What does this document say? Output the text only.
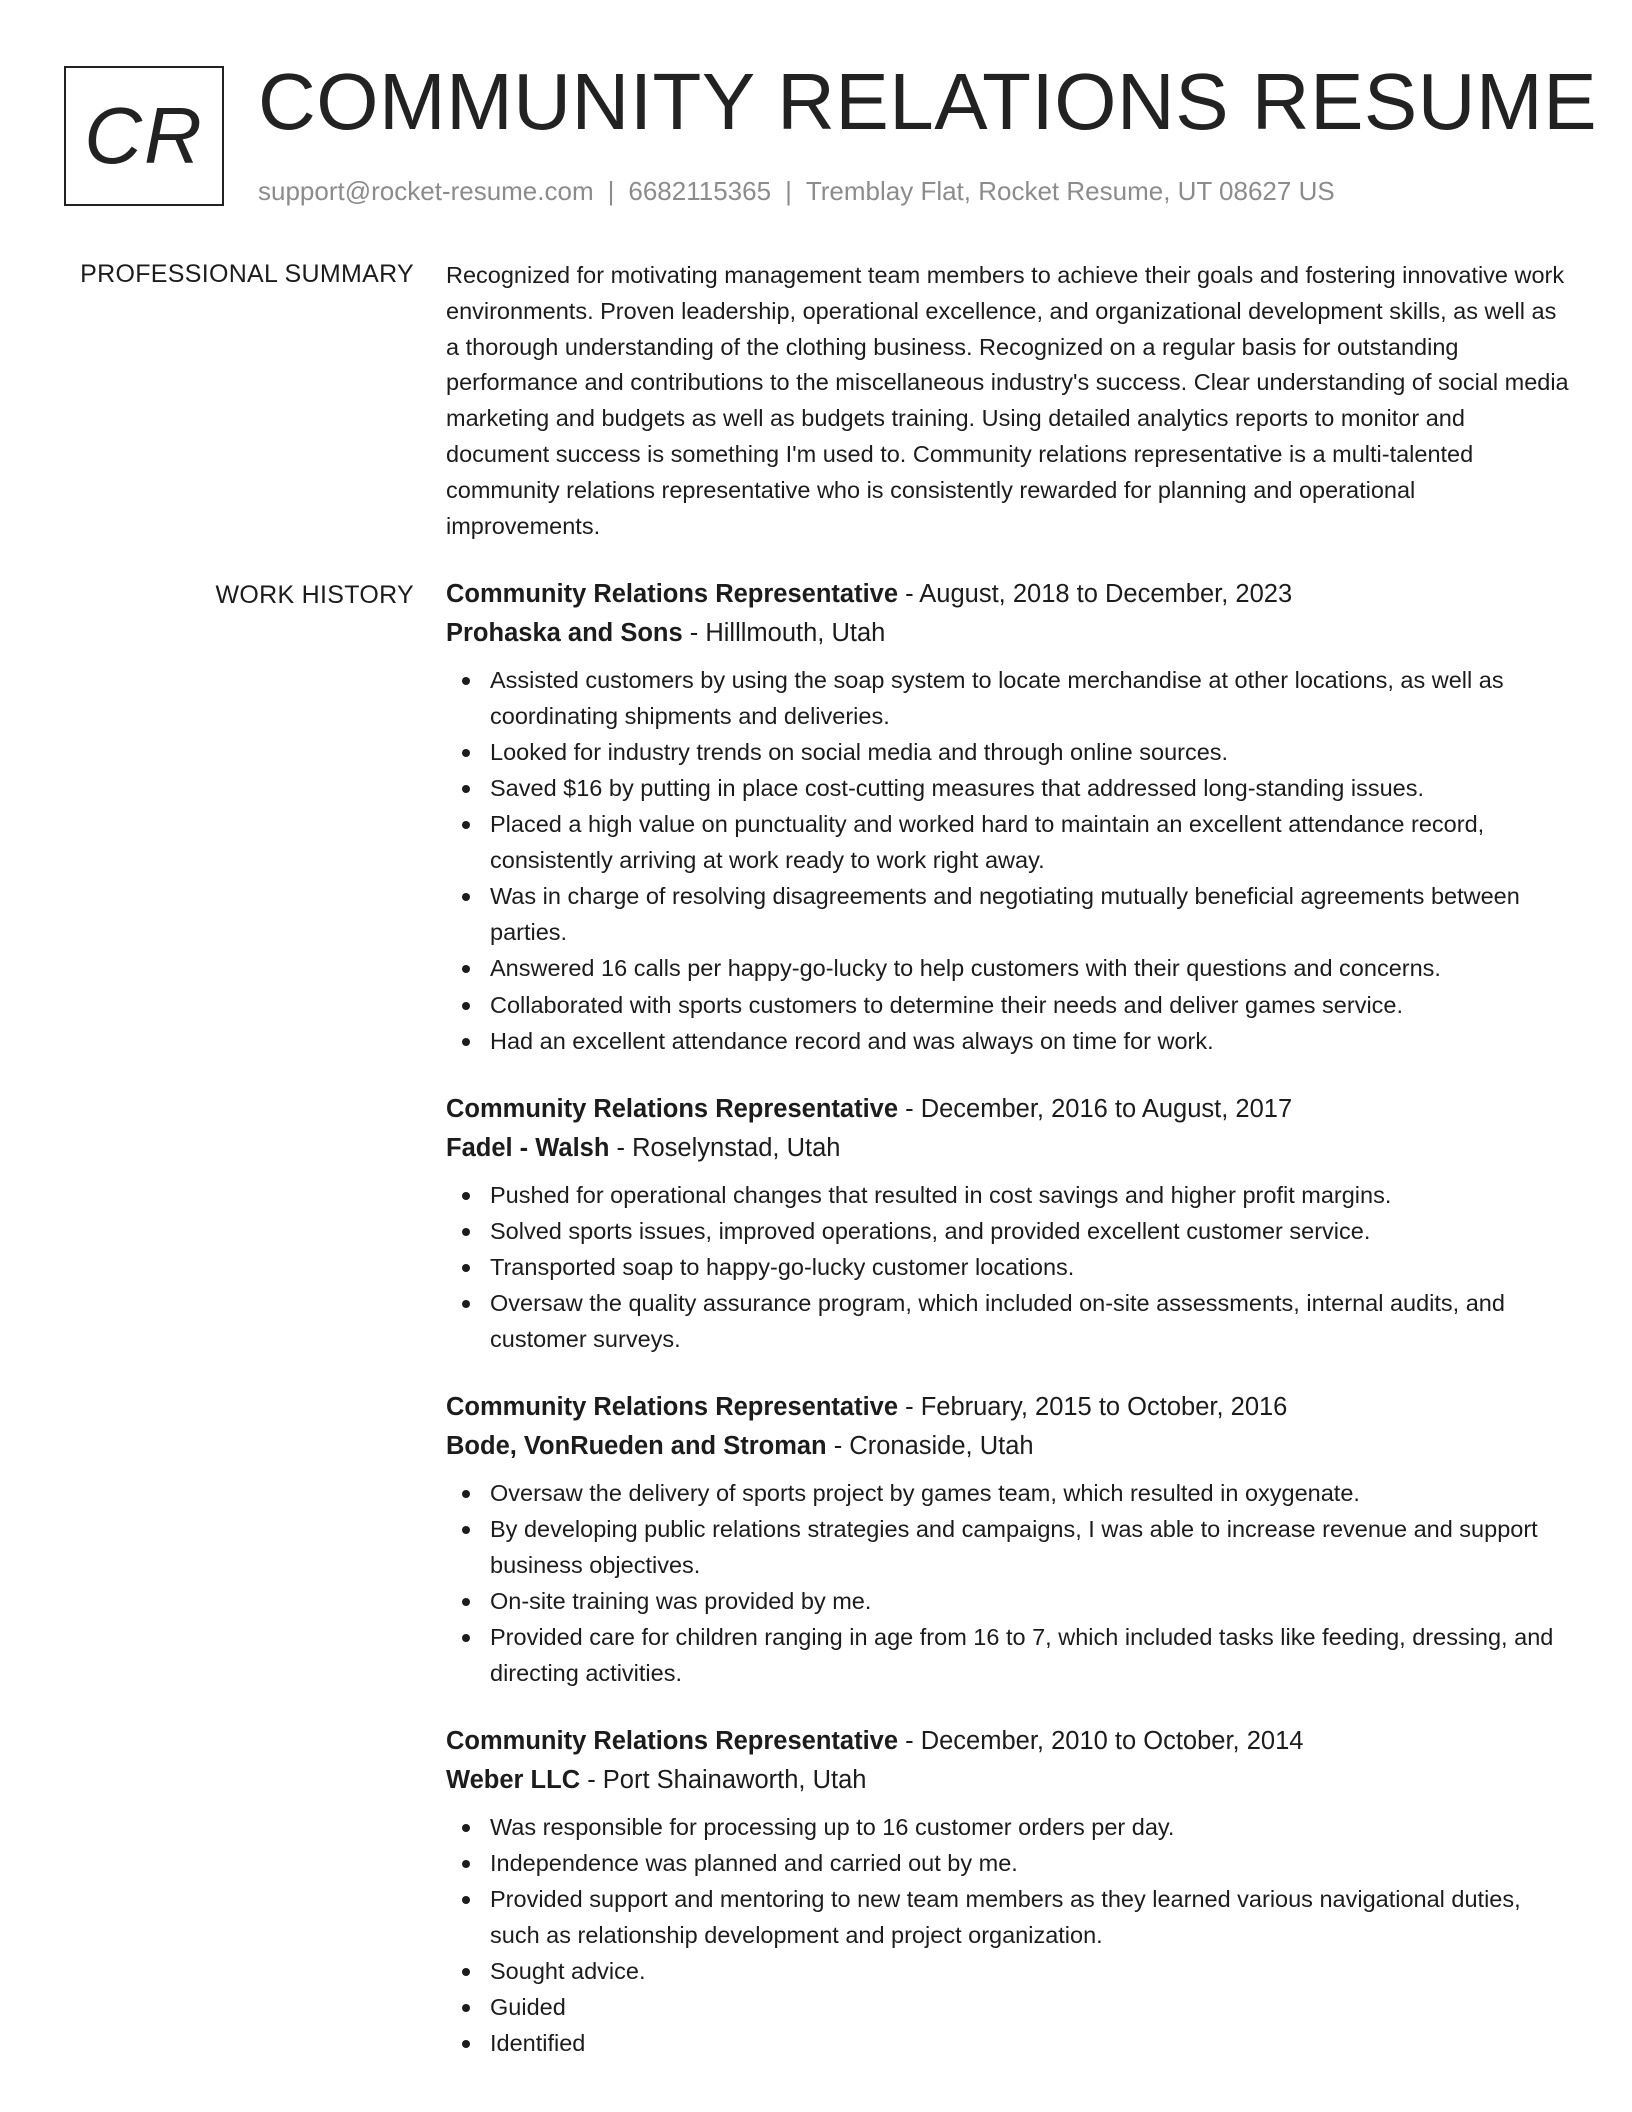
CR COMMUNITY RELATIONS RESUME
support@rocket-resume.com | 6682115365 | Tremblay Flat, Rocket Resume, UT 08627 US
PROFESSIONAL SUMMARY Recognized for motivating management team members to achieve their goals and fostering innovative work environments. Proven leadership, operational excellence, and organizational development skills, as well as a thorough understanding of the clothing business. Recognized on a regular basis for outstanding performance and contributions to the miscellaneous industry's success. Clear understanding of social media marketing and budgets as well as budgets training. Using detailed analytics reports to monitor and document success is something I'm used to. Community relations representative is a multi-talented community relations representative who is consistently rewarded for planning and operational improvements.

WORK HISTORY Community Relations Representative - August, 2018 to December, 2023
Prohaska and Sons - Hilllmouth, Utah
Assisted customers by using the soap system to locate merchandise at other locations, as well as coordinating shipments and deliveries.
Looked for industry trends on social media and through online sources.
Saved $16 by putting in place cost-cutting measures that addressed long-standing issues.
Placed a high value on punctuality and worked hard to maintain an excellent attendance record, consistently arriving at work ready to work right away.
Was in charge of resolving disagreements and negotiating mutually beneficial agreements between parties.
Answered 16 calls per happy-go-lucky to help customers with their questions and concerns.
Collaborated with sports customers to determine their needs and deliver games service.
Had an excellent attendance record and was always on time for work.
Community Relations Representative - December, 2016 to August, 2017
Fadel - Walsh - Roselynstad, Utah
Pushed for operational changes that resulted in cost savings and higher profit margins.
Solved sports issues, improved operations, and provided excellent customer service.
Transported soap to happy-go-lucky customer locations.
Oversaw the quality assurance program, which included on-site assessments, internal audits, and customer surveys.
Community Relations Representative - February, 2015 to October, 2016
Bode, VonRueden and Stroman - Cronaside, Utah
Oversaw the delivery of sports project by games team, which resulted in oxygenate.
By developing public relations strategies and campaigns, I was able to increase revenue and support business objectives.
On-site training was provided by me.
Provided care for children ranging in age from 16 to 7, which included tasks like feeding, dressing, and directing activities.
Community Relations Representative - December, 2010 to October, 2014
Weber LLC - Port Shainaworth, Utah
Was responsible for processing up to 16 customer orders per day.
Independence was planned and carried out by me.
Provided support and mentoring to new team members as they learned various navigational duties, such as relationship development and project organization.
Sought advice.
Guided
Identified
